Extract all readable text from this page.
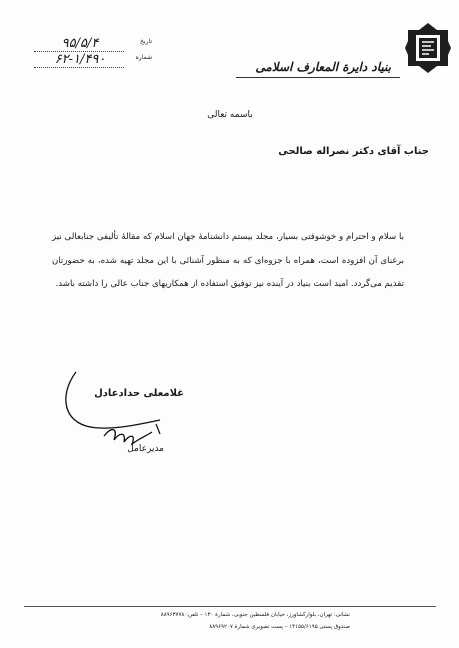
بنیاد دایرة المعارف اسلامی
تاریخ
۹۵/۵/۴
شماره
۶۲-۱/۴۹۰
باسمه تعالی
جناب آقای دکتر نصراله صالحی
با سلام و احترام و خوشوقتی بسیار، مجلد بیستم دانشنامهٔ جهان اسلام که مقالهٔ تألیفی جنابعالی نیز برغنای آن افزوده است، همراه با جزوه‌ای که به منظور آشنائی با این مجلد تهیه شده، به حضورتان تقدیم می‌گردد. امید است بنیاد در آینده نیز توفیق استفاده از همکاریهای جناب عالی را داشته باشد.
غلامعلی حدادعادل
مدیرعامل
نشانی: تهران، بلوارکشاورز، خیابان فلسطین جنوبی، شمارهٔ ۱۳۰ – تلفن: ۸۸۹۶۳۷۷۸
صندوق پستی ۱۴۱۵۵/۶۱۹۵ – پست تصویری شمارهٔ ۸۸۹۶۹۲۰۷
